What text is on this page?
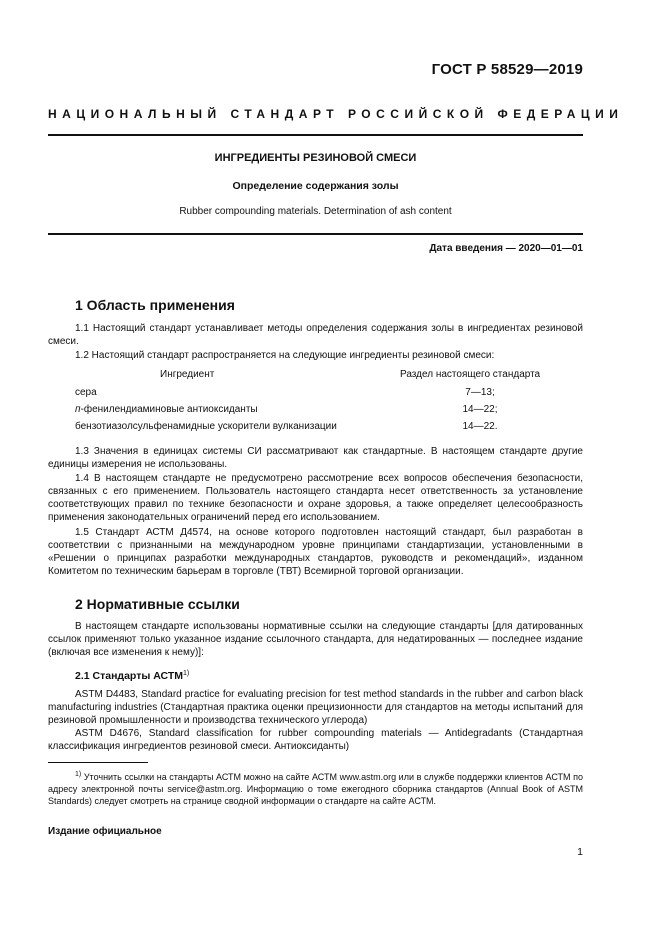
ГОСТ Р 58529—2019
НАЦИОНАЛЬНЫЙ СТАНДАРТ РОССИЙСКОЙ ФЕДЕРАЦИИ
ИНГРЕДИЕНТЫ РЕЗИНОВОЙ СМЕСИ
Определение содержания золы
Rubber compounding materials. Determination of ash content
Дата введения — 2020—01—01
1 Область применения

1.1 Настоящий стандарт устанавливает методы определения содержания золы в ингредиентах резиновой смеси.

1.2 Настоящий стандарт распространяется на следующие ингредиенты резиновой смеси:

Ингредиент	Раздел настоящего стандарта
сера	7—13;
п-фенилендиаминовые антиоксиданты	14—22;
бензотиазолсульфенамидные ускорители вулканизации	14—22.

1.3 Значения в единицах системы СИ рассматривают как стандартные. В настоящем стандарте другие единицы измерения не использованы.

1.4 В настоящем стандарте не предусмотрено рассмотрение всех вопросов обеспечения безопасности, связанных с его применением. Пользователь настоящего стандарта несет ответственность за установление соответствующих правил по технике безопасности и охране здоровья, а также определяет целесообразность применения законодательных ограничений перед его использованием.

1.5 Стандарт АСТМ Д4574, на основе которого подготовлен настоящий стандарт, был разработан в соответствии с признанными на международном уровне принципами стандартизации, установленными в «Решении о принципах разработки международных стандартов, руководств и рекомендаций», изданном Комитетом по техническим барьерам в торговле (ТВТ) Всемирной торговой организации.

2 Нормативные ссылки

В настоящем стандарте использованы нормативные ссылки на следующие стандарты [для датированных ссылок применяют только указанное издание ссылочного стандарта, для недатированных — последнее издание (включая все изменения к нему)]:

2.1 Стандарты АСТМ$^{1)}$

ASTM D4483, Standard practice for evaluating precision for test method standards in the rubber and carbon black manufacturing industries (Стандартная практика оценки прецизионности для стандартов на методы испытаний для резиновой промышленности и производства технического углерода)

ASTM D4676, Standard classification for rubber compounding materials — Antidegradants (Стандартная классификация ингредиентов резиновой смеси. Антиоксиданты)

$^{1)}$ Уточнить ссылки на стандарты АСТМ можно на сайте АСТМ www.astm.org или в службе поддержки клиентов АСТМ по адресу электронной почты service@astm.org. Информацию о томе ежегодного сборника стандартов (Annual Book of ASTM Standards) следует смотреть на странице сводной информации о стандарте на сайте АСТМ.

Издание официальное
1
